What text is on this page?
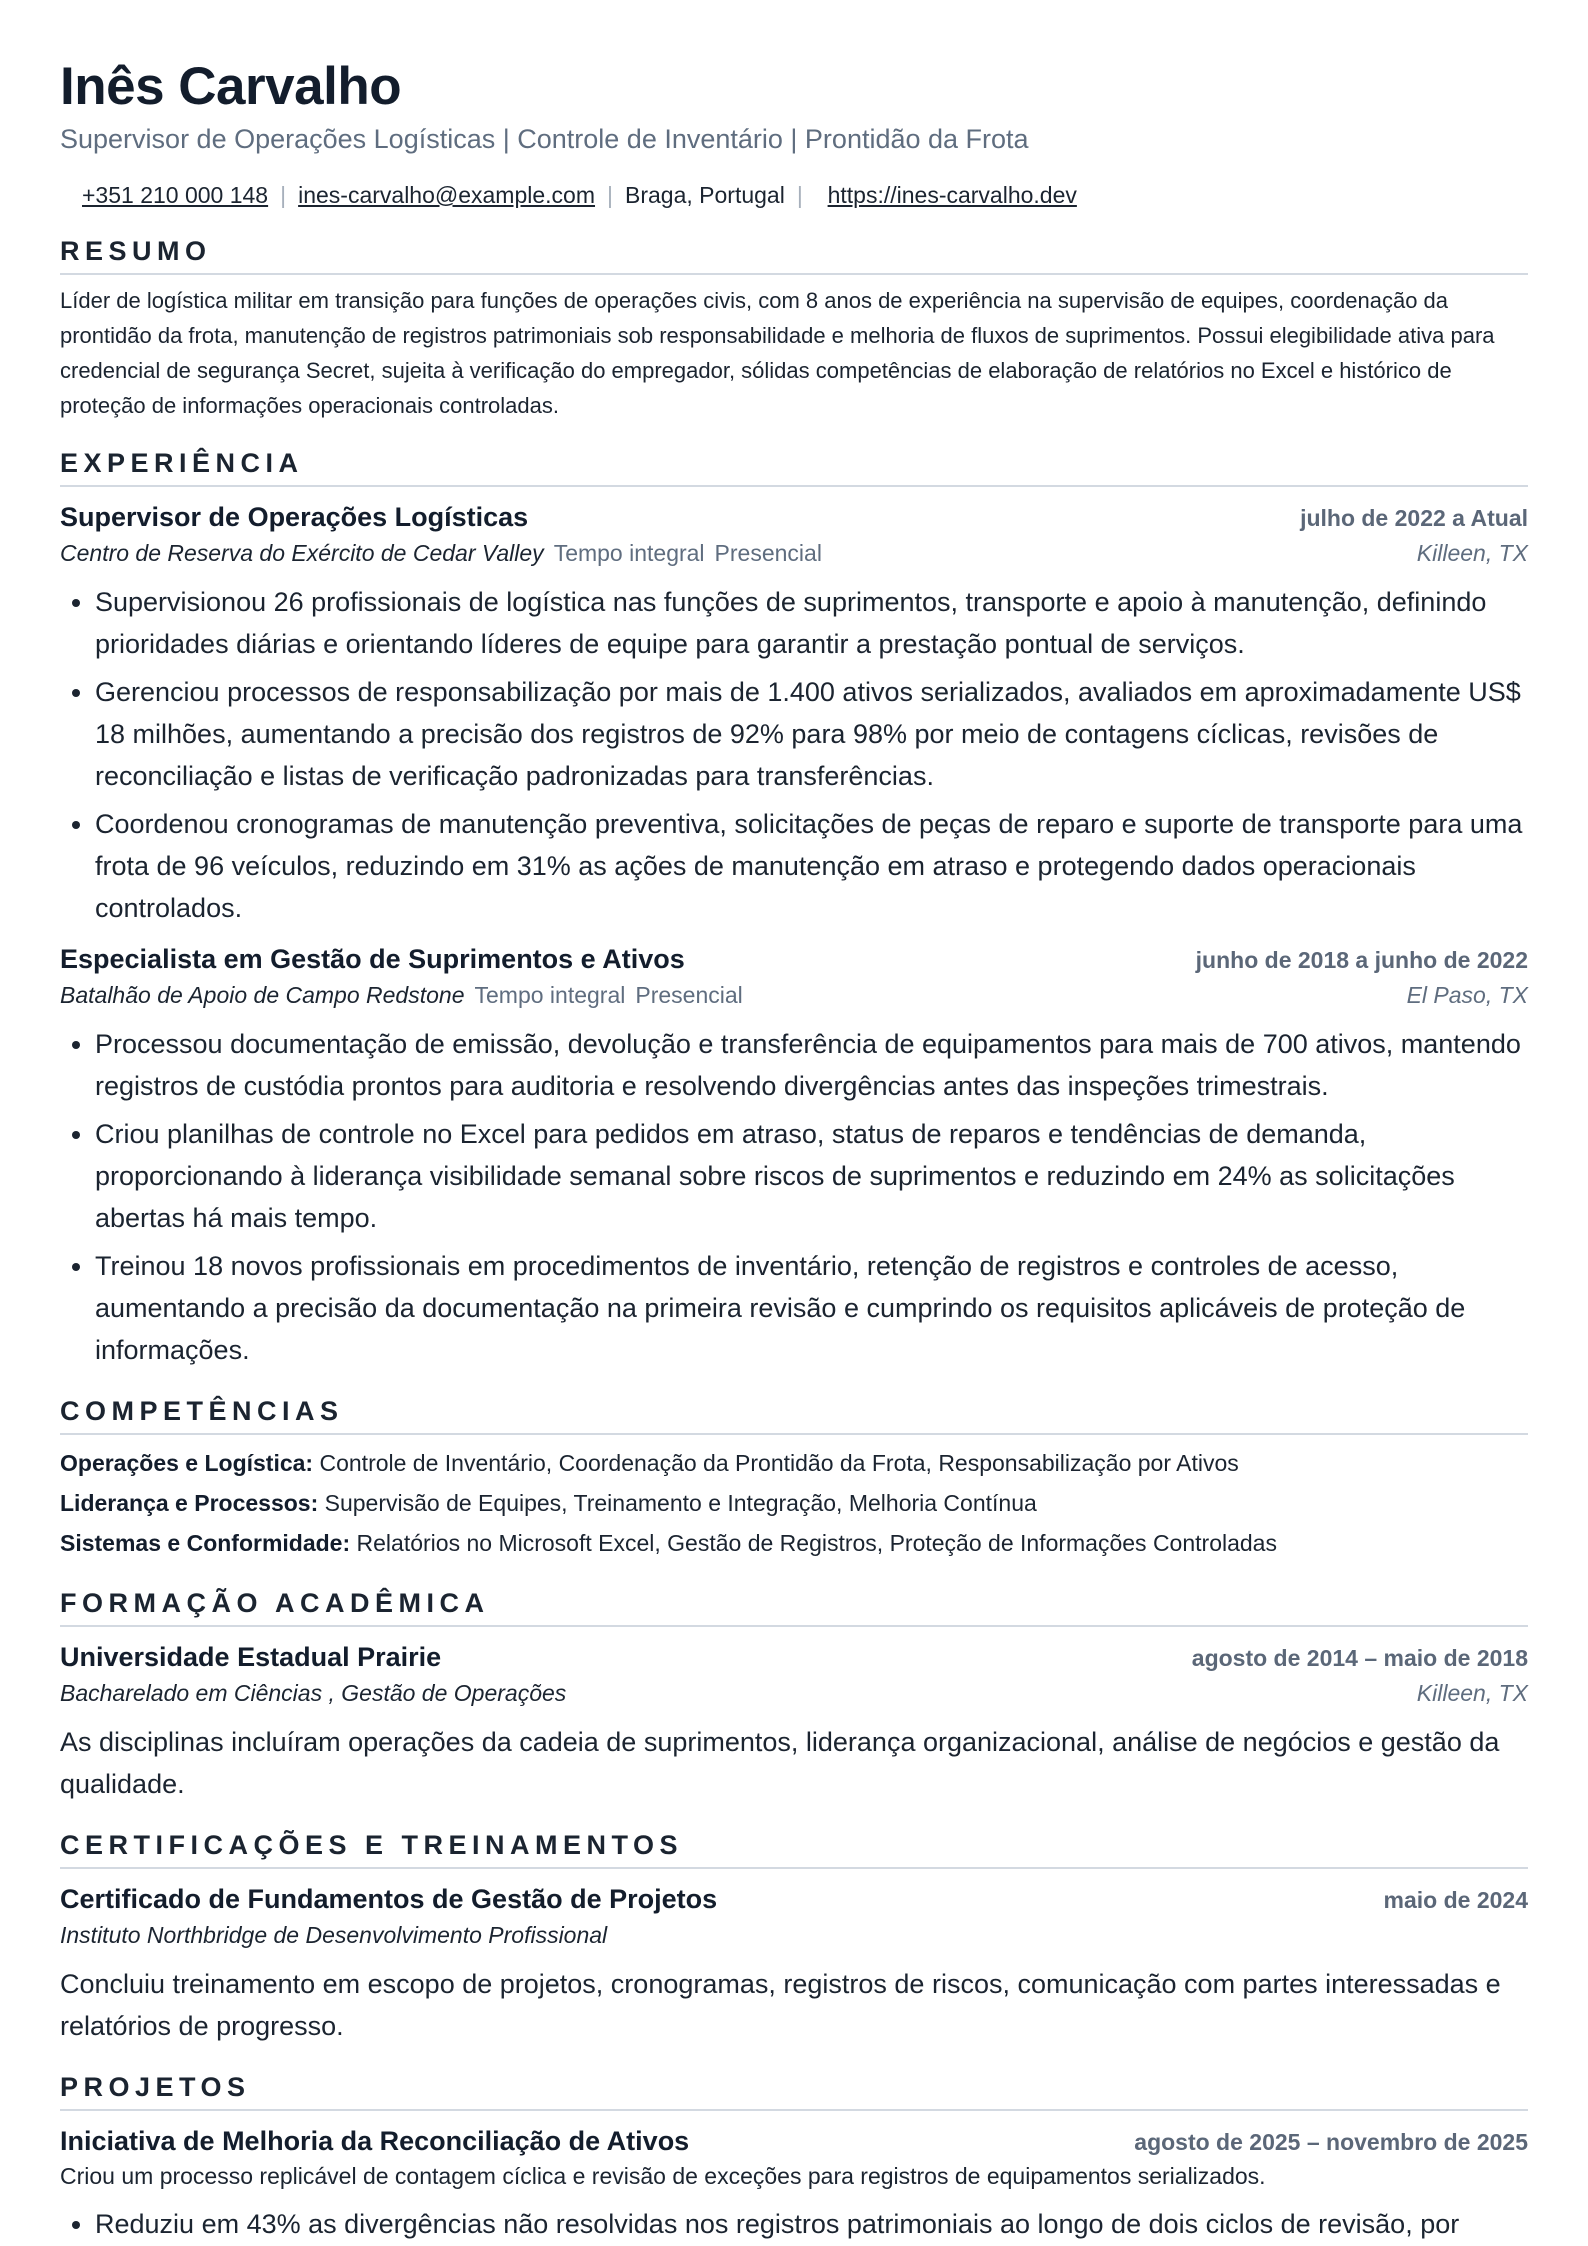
Inês Carvalho
Supervisor de Operações Logísticas | Controle de Inventário | Prontidão da Frota
+351 210 000 148 | ines-carvalho@example.com | Braga, Portugal | https://ines-carvalho.dev
RESUMO
Líder de logística militar em transição para funções de operações civis, com 8 anos de experiência na supervisão de equipes, coordenação da prontidão da frota, manutenção de registros patrimoniais sob responsabilidade e melhoria de fluxos de suprimentos. Possui elegibilidade ativa para credencial de segurança Secret, sujeita à verificação do empregador, sólidas competências de elaboração de relatórios no Excel e histórico de proteção de informações operacionais controladas.
EXPERIÊNCIA
Supervisor de Operações Logísticas	julho de 2022 a Atual
Centro de Reserva do Exército de Cedar Valley Tempo integral Presencial	Killeen, TX
• Supervisionou 26 profissionais de logística nas funções de suprimentos, transporte e apoio à manutenção, definindo prioridades diárias e orientando líderes de equipe para garantir a prestação pontual de serviços.
• Gerenciou processos de responsabilização por mais de 1.400 ativos serializados, avaliados em aproximadamente US$ 18 milhões, aumentando a precisão dos registros de 92% para 98% por meio de contagens cíclicas, revisões de reconciliação e listas de verificação padronizadas para transferências.
• Coordenou cronogramas de manutenção preventiva, solicitações de peças de reparo e suporte de transporte para uma frota de 96 veículos, reduzindo em 31% as ações de manutenção em atraso e protegendo dados operacionais controlados.
Especialista em Gestão de Suprimentos e Ativos	junho de 2018 a junho de 2022
Batalhão de Apoio de Campo Redstone Tempo integral Presencial	El Paso, TX
• Processou documentação de emissão, devolução e transferência de equipamentos para mais de 700 ativos, mantendo registros de custódia prontos para auditoria e resolvendo divergências antes das inspeções trimestrais.
• Criou planilhas de controle no Excel para pedidos em atraso, status de reparos e tendências de demanda, proporcionando à liderança visibilidade semanal sobre riscos de suprimentos e reduzindo em 24% as solicitações abertas há mais tempo.
• Treinou 18 novos profissionais em procedimentos de inventário, retenção de registros e controles de acesso, aumentando a precisão da documentação na primeira revisão e cumprindo os requisitos aplicáveis de proteção de informações.
COMPETÊNCIAS
Operações e Logística: Controle de Inventário, Coordenação da Prontidão da Frota, Responsabilização por Ativos
Liderança e Processos: Supervisão de Equipes, Treinamento e Integração, Melhoria Contínua
Sistemas e Conformidade: Relatórios no Microsoft Excel, Gestão de Registros, Proteção de Informações Controladas
FORMAÇÃO ACADÊMICA
Universidade Estadual Prairie	agosto de 2014 – maio de 2018
Bacharelado em Ciências , Gestão de Operações	Killeen, TX
As disciplinas incluíram operações da cadeia de suprimentos, liderança organizacional, análise de negócios e gestão da qualidade.
CERTIFICAÇÕES E TREINAMENTOS
Certificado de Fundamentos de Gestão de Projetos	maio de 2024
Instituto Northbridge de Desenvolvimento Profissional
Concluiu treinamento em escopo de projetos, cronogramas, registros de riscos, comunicação com partes interessadas e relatórios de progresso.
PROJETOS
Iniciativa de Melhoria da Reconciliação de Ativos	agosto de 2025 – novembro de 2025
Criou um processo replicável de contagem cíclica e revisão de exceções para registros de equipamentos serializados.
• Reduziu em 43% as divergências não resolvidas nos registros patrimoniais ao longo de dois ciclos de revisão, por
